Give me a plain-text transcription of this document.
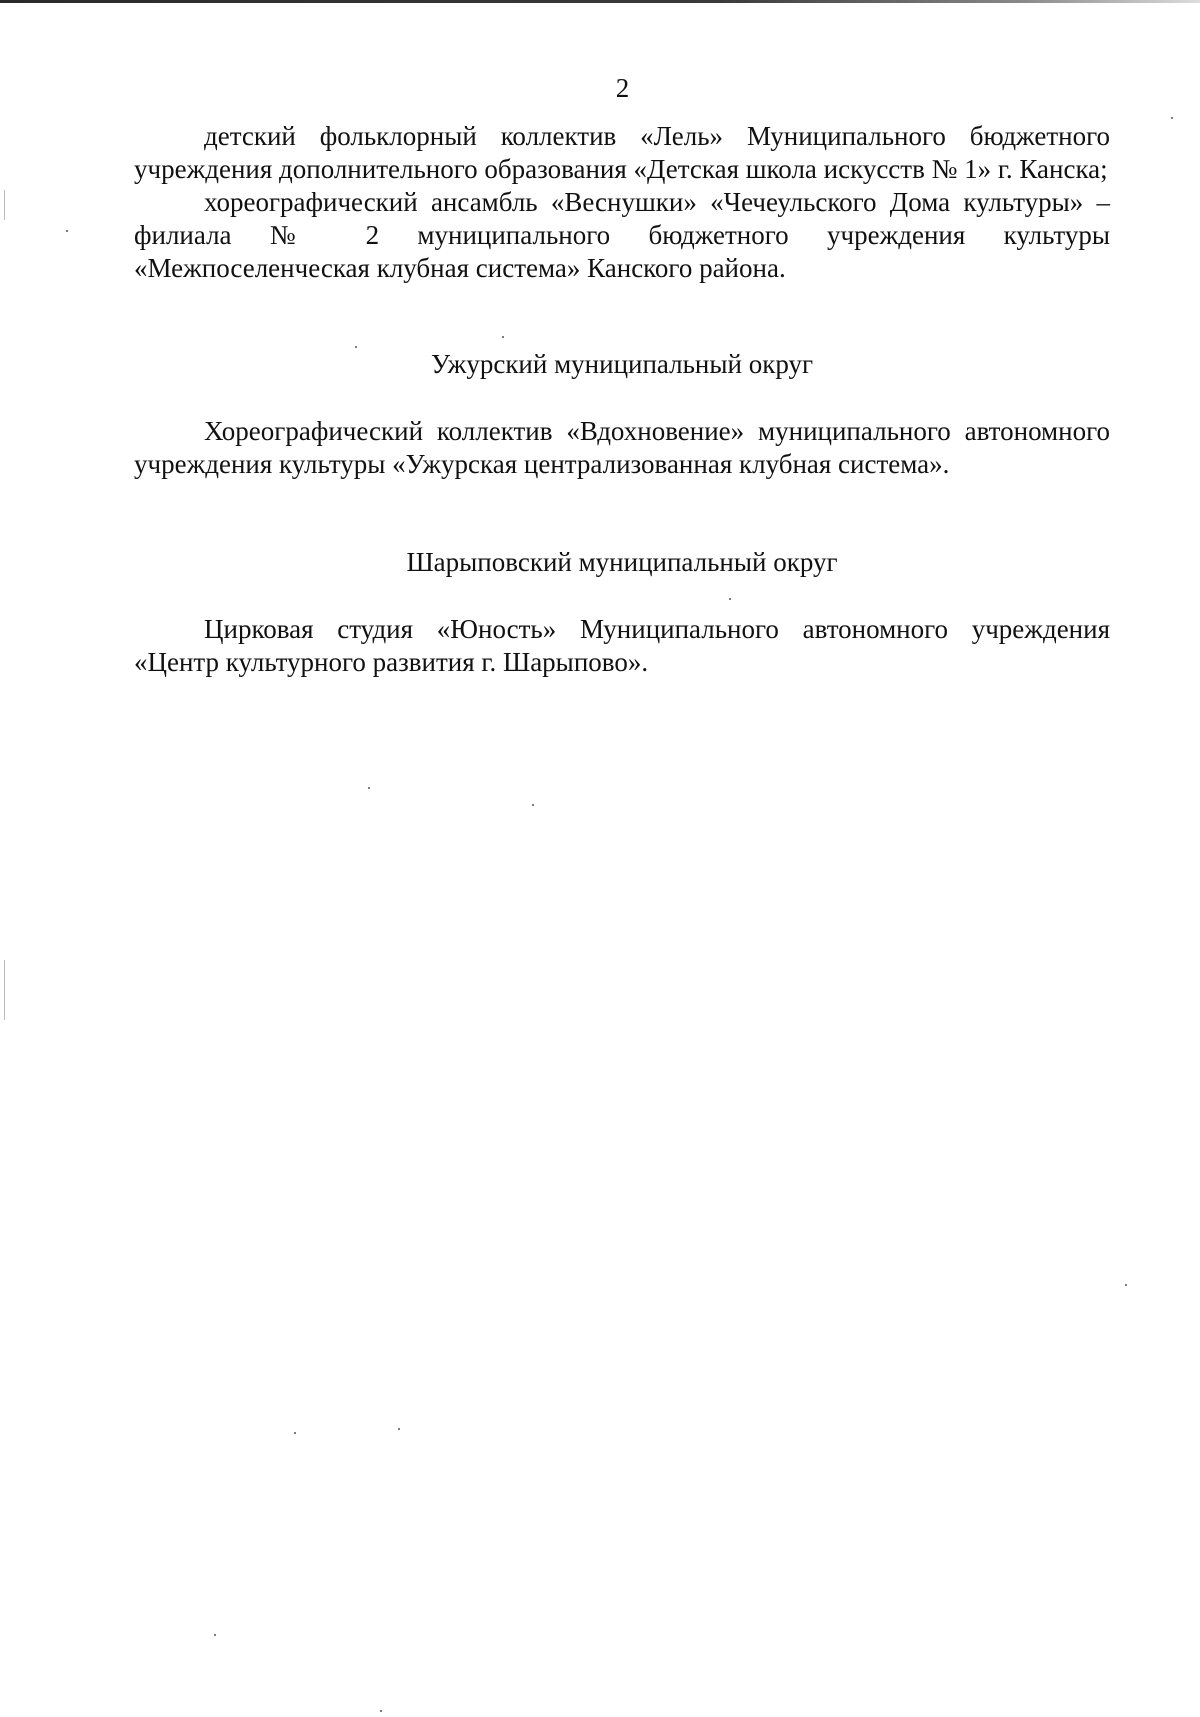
2

детский фольклорный коллектив «Лель» Муниципального бюджетного учреждения дополнительного образования «Детская школа искусств № 1» г. Канска;

хореографический ансамбль «Веснушки» «Чечеульского Дома культуры» – филиала № 2 муниципального бюджетного учреждения культуры «Межпоселенческая клубная система» Канского района.

Ужурский муниципальный округ

Хореографический коллектив «Вдохновение» муниципального автономного учреждения культуры «Ужурская централизованная клубная система».

Шарыповский муниципальный округ

Цирковая студия «Юность» Муниципального автономного учреждения «Центр культурного развития г. Шарыпово».
